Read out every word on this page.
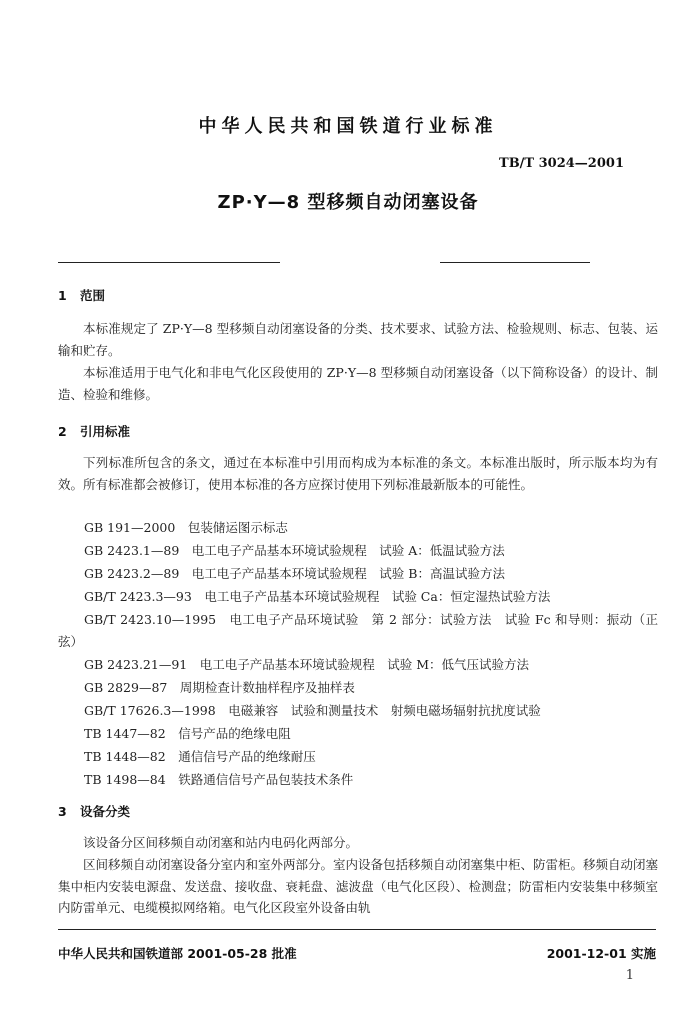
中华人民共和国铁道行业标准
TB/T 3024—2001
ZP·Y—8 型移频自动闭塞设备
1 范围
本标准规定了 ZP·Y—8 型移频自动闭塞设备的分类、技术要求、试验方法、检验规则、标志、包装、运输和贮存。
本标准适用于电气化和非电气化区段使用的 ZP·Y—8 型移频自动闭塞设备（以下简称设备）的设计、制造、检验和维修。
2 引用标准
下列标准所包含的条文，通过在本标准中引用而构成为本标准的条文。本标准出版时，所示版本均为有效。所有标准都会被修订，使用本标准的各方应探讨使用下列标准最新版本的可能性。
GB 191—2000　包装储运图示标志
GB 2423.1—89　电工电子产品基本环境试验规程　试验 A：低温试验方法
GB 2423.2—89　电工电子产品基本环境试验规程　试验 B：高温试验方法
GB/T 2423.3—93　电工电子产品基本环境试验规程　试验 Ca：恒定湿热试验方法
GB/T 2423.10—1995　电工电子产品环境试验　第 2 部分：试验方法　试验 Fc 和导则：振动（正弦）
GB 2423.21—91　电工电子产品基本环境试验规程　试验 M：低气压试验方法
GB 2829—87　周期检查计数抽样程序及抽样表
GB/T 17626.3—1998　电磁兼容　试验和测量技术　射频电磁场辐射抗扰度试验
TB 1447—82　信号产品的绝缘电阻
TB 1448—82　通信信号产品的绝缘耐压
TB 1498—84　铁路通信信号产品包装技术条件
3 设备分类
该设备分区间移频自动闭塞和站内电码化两部分。
区间移频自动闭塞设备分室内和室外两部分。室内设备包括移频自动闭塞集中柜、防雷柜。移频自动闭塞集中柜内安装电源盘、发送盘、接收盘、衰耗盘、滤波盘（电气化区段）、检测盘；防雷柜内安装集中移频室内防雷单元、电缆模拟网络箱。电气化区段室外设备由轨
中华人民共和国铁道部 2001-05-28 批准	2001-12-01 实施
1
